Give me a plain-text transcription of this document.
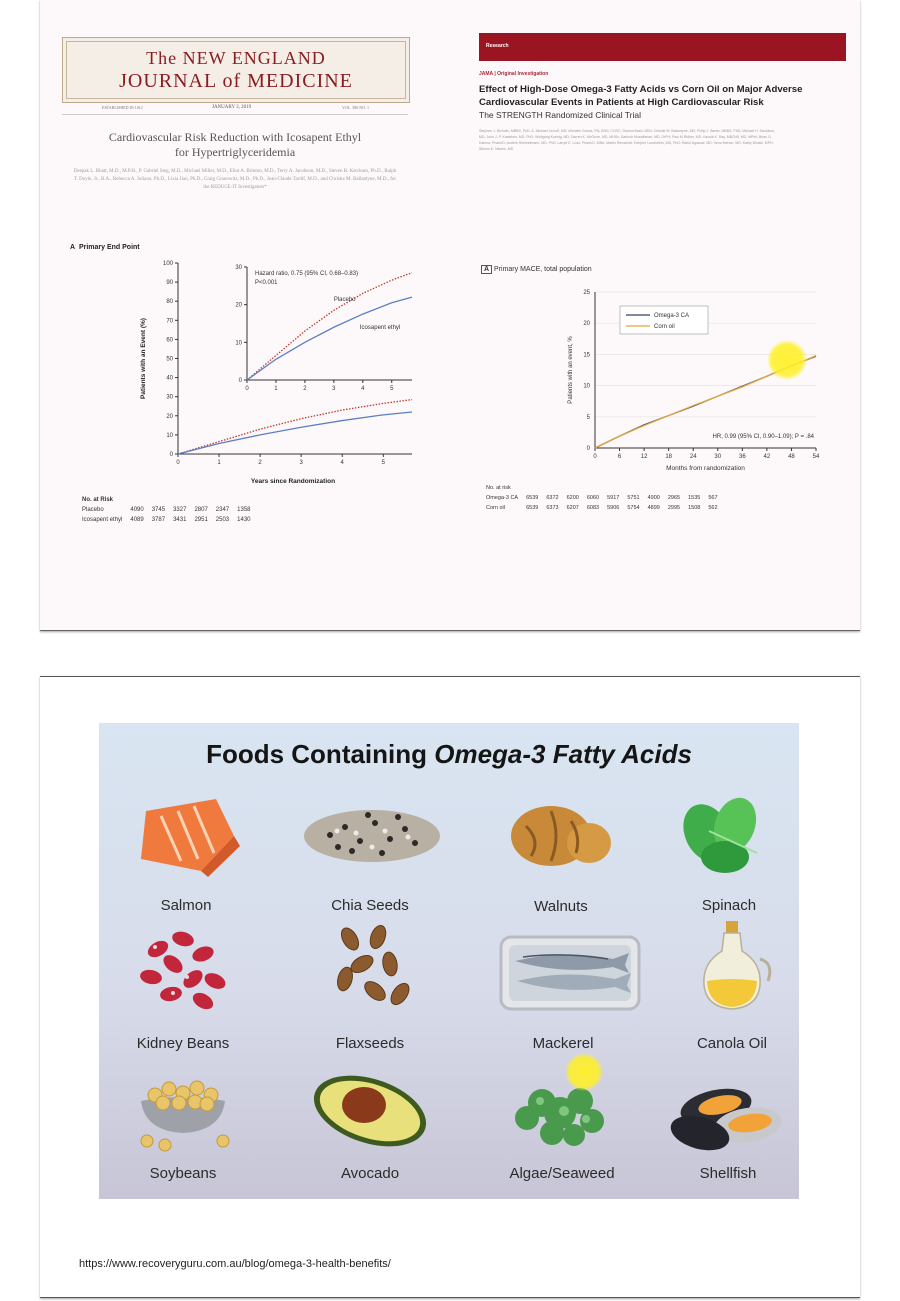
The NEW ENGLAND
JOURNAL of MEDICINE
ESTABLISHED IN 1812	JANUARY 3, 2019	VOL. 380 NO. 1
Cardiovascular Risk Reduction with Icosapent Ethyl
for Hypertriglyceridemia
Deepak L. Bhatt, M.D., M.P.H., P. Gabriel Steg, M.D., Michael Miller, M.D., Eliot A. Brinton, M.D., Terry A. Jacobson, M.D., Steven B. Ketchum, Ph.D., Ralph T. Doyle, Jr., B.A., Rebecca A. Juliano, Ph.D., Lixia Jiao, Ph.D., Craig Granowitz, M.D., Ph.D., Jean-Claude Tardif, M.D., and Christie M. Ballantyne, M.D., for the REDUCE-IT Investigators*
A Primary End Point
0
10
20
30
40
50
60
70
80
90
100
0	1	2	3	4	5
Years since Randomization
Patients with an Event (%)	0
10
20
30
0	1	2	3	4	5
Hazard ratio, 0.75 (95% CI, 0.68–0.83)
P<0.001
Placebo
Icosapent ethyl
No. at Risk						
Placebo	4090	3745	3327	2807	2347	1358
Icosapent ethyl	4089	3787	3431	2951	2503	1430
Research
JAMA | Original Investigation
Effect of High-Dose Omega-3 Fatty Acids vs Corn Oil on Major Adverse
Cardiovascular Events in Patients at High Cardiovascular Risk
The STRENGTH Randomized Clinical Trial
Stephen J. Nicholls, MBBS, PhD; A. Michael Lincoff, MD; Michelle Garcia, RN, BSN, CCRC; Dianna Bash, BSN; Christie M. Ballantyne, MD; Philip J. Barter, MBBS, PhD; Michael H. Davidson, MD; John J. P. Kastelein, MD, PhD; Wolfgang Koenig, MD; Darren K. McGuire, MD, MHSc; Dariush Mozaffarian, MD, DrPH; Paul M Ridker, MD; Kausik K. Ray, MBChB, MD, MPhil; Brian G. Katona, PharmD; Anders Himmelmann, MD, PhD; Larrye E. Loss, PharmD, MBA; Martin Rensfeldt; Torbjörn Lundström, MD, PhD; Rahul Agrawal, MD; Venu Menon, MD; Kathy Wolski, MPH; Steven E. Nissen, MD
A Primary MACE, total population
0
5
10
15
20
25
0	6	12	18	24	30	36	42	48	54
Months from randomization
Patients with an event, %
Omega-3 CA
Corn oil
HR, 0.99 (95% CI, 0.90–1.09); P = .84
No. at risk										
Omega-3 CA	6539	6372	6200	6060	5917	5751	4900	2965	1535	567
Corn oil	6539	6373	6207	6083	5906	5754	4899	2995	1508	562
Foods Containing Omega-3 Fatty Acids
Salmon	Chia Seeds	Walnuts	Spinach
Kidney Beans	Flaxseeds	Mackerel	Canola Oil
Soybeans	Avocado	Algae/Seaweed	Shellfish
https://www.recoveryguru.com.au/blog/omega-3-health-benefits/
